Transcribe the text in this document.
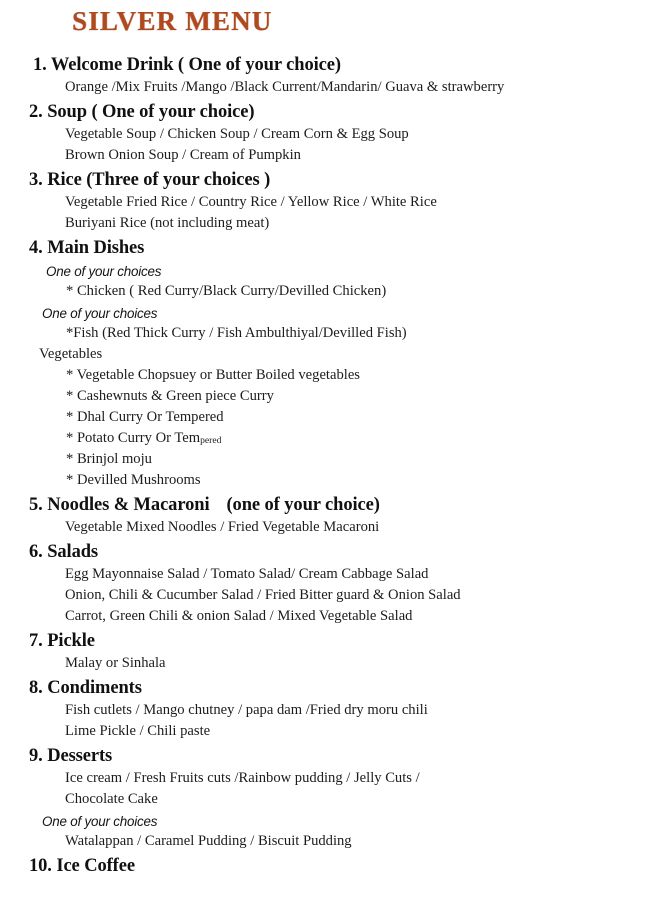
SILVER MENU
1. Welcome Drink ( One of your choice)
Orange /Mix Fruits /Mango /Black Current/Mandarin/ Guava & strawberry
2. Soup ( One of your choice)
Vegetable Soup / Chicken Soup / Cream Corn & Egg Soup
Brown Onion Soup / Cream of Pumpkin
3. Rice (Three of your choices )
Vegetable Fried Rice / Country Rice / Yellow Rice / White Rice
Buriyani Rice (not including meat)
4. Main Dishes
One of your choices
* Chicken ( Red Curry/Black Curry/Devilled Chicken)
One of your choices
*Fish (Red Thick Curry / Fish Ambulthiyal/Devilled Fish)
Vegetables
* Vegetable Chopsuey or Butter Boiled vegetables
* Cashewnuts & Green piece Curry
* Dhal Curry Or Tempered
* Potato Curry Or Tem pered
* Brinjol moju
* Devilled Mushrooms
5. Noodles & Macaroni (one of your choice)
Vegetable Mixed Noodles / Fried Vegetable Macaroni
6. Salads
Egg Mayonnaise Salad / Tomato Salad/ Cream Cabbage Salad
Onion, Chili & Cucumber Salad / Fried Bitter guard & Onion Salad
Carrot, Green Chili & onion Salad / Mixed Vegetable Salad
7. Pickle
Malay or Sinhala
8. Condiments
Fish cutlets / Mango chutney / papa dam /Fried dry moru chili
Lime Pickle / Chili paste
9. Desserts
Ice cream / Fresh Fruits cuts /Rainbow pudding / Jelly Cuts /
Chocolate Cake
One of your choices
Watalappan / Caramel Pudding / Biscuit Pudding
10. Ice Coffee
